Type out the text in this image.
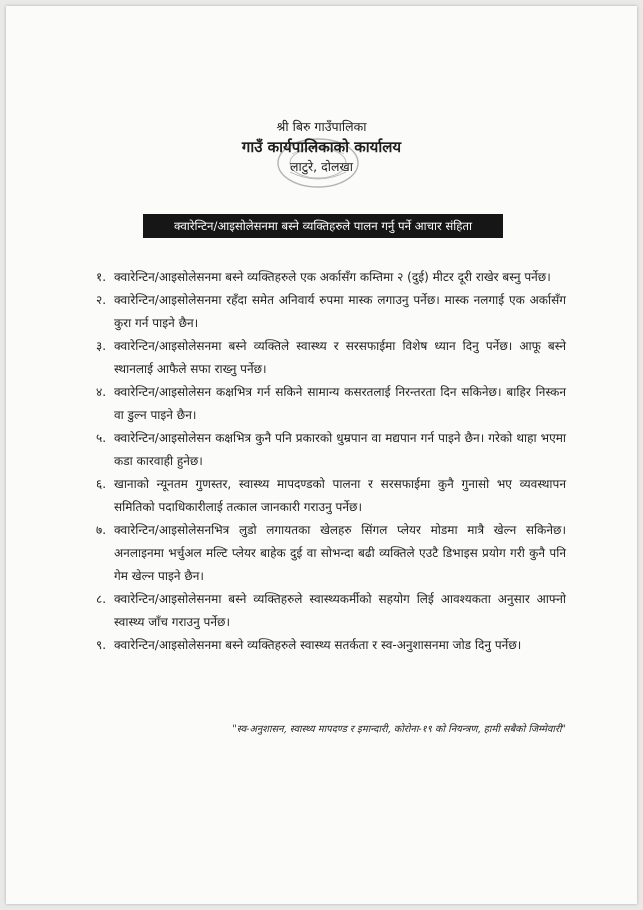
श्री बिरु गाउँपालिका
गाउँ कार्यपालिकाको कार्यालय
लाटुरे, दोलखा
क्वारेन्टिन/आइसोलेसनमा बस्ने व्यक्तिहरुले पालन गर्नु पर्ने आचार संहिता
१. क्वारेन्टिन/आइसोलेसनमा बस्ने व्यक्तिहरुले एक अर्कासँग कम्तिमा २ (दुई) मीटर दूरी राखेर बस्नु पर्नेछ।
२. क्वारेन्टिन/आइसोलेसनमा रहँदा समेत अनिवार्य रुपमा मास्क लगाउनु पर्नेछ। मास्क नलगाई एक अर्कासँग कुरा गर्न पाइने छैन।
३. क्वारेन्टिन/आइसोलेसनमा बस्ने व्यक्तिले स्वास्थ्य र सरसफाईमा विशेष ध्यान दिनु पर्नेछ। आफू बस्ने स्थानलाई आफैले सफा राख्नु पर्नेछ।
४. क्वारेन्टिन/आइसोलेसन कक्षभित्र गर्न सकिने सामान्य कसरतलाई निरन्तरता दिन सकिनेछ। बाहिर निस्कन वा डुल्न पाइने छैन।
५. क्वारेन्टिन/आइसोलेसन कक्षभित्र कुनै पनि प्रकारको धुम्रपान वा मद्यपान गर्न पाइने छैन। गरेको थाहा भएमा कडा कारवाही हुनेछ।
६. खानाको न्यूनतम गुणस्तर, स्वास्थ्य मापदण्डको पालना र सरसफाईमा कुनै गुनासो भए व्यवस्थापन समितिको पदाधिकारीलाई तत्काल जानकारी गराउनु पर्नेछ।
७. क्वारेन्टिन/आइसोलेसनभित्र लुडो लगायतका खेलहरु सिंगल प्लेयर मोडमा मात्रै खेल्न सकिनेछ। अनलाइनमा भर्चुअल मल्टि प्लेयर बाहेक दुई वा सोभन्दा बढी व्यक्तिले एउटै डिभाइस प्रयोग गरी कुनै पनि गेम खेल्न पाइने छैन।
८. क्वारेन्टिन/आइसोलेसनमा बस्ने व्यक्तिहरुले स्वास्थ्यकर्मीको सहयोग लिई आवश्यकता अनुसार आफ्नो स्वास्थ्य जाँच गराउनु पर्नेछ।
९. क्वारेन्टिन/आइसोलेसनमा बस्ने व्यक्तिहरुले स्वास्थ्य सतर्कता र स्व-अनुशासनमा जोड दिनु पर्नेछ।
"स्व-अनुशासन, स्वास्थ्य मापदण्ड र इमान्दारी, कोरोना-१९ को नियन्त्रण, हामी सबैको जिम्मेवारी"
